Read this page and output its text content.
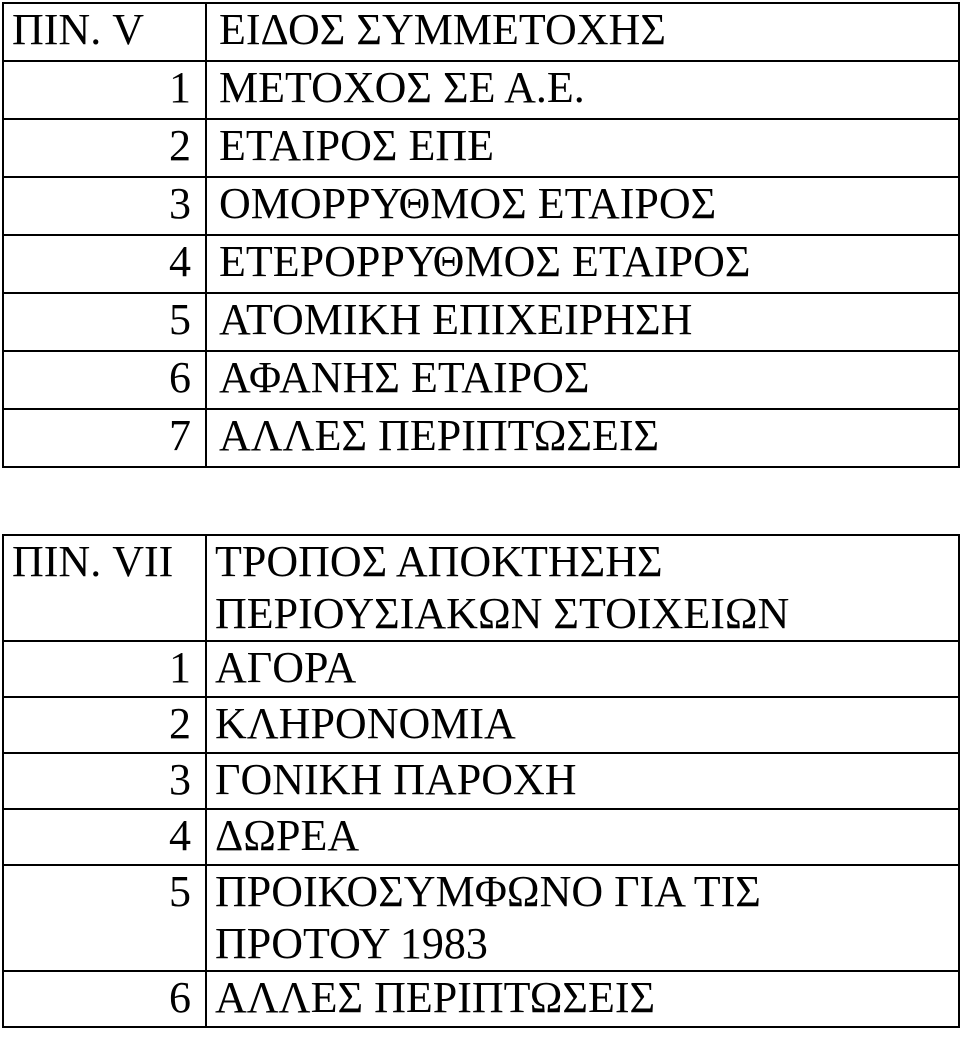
ΠΙΝ. V	ΕΙΔΟΣ ΣΥΜΜΕΤΟΧΗΣ
1	ΜΕΤΟΧΟΣ ΣΕ Α.Ε.
2	ΕΤΑΙΡΟΣ ΕΠΕ
3	ΟΜΟΡΡΥΘΜΟΣ ΕΤΑΙΡΟΣ
4	ΕΤΕΡΟΡΡΥΘΜΟΣ ΕΤΑΙΡΟΣ
5	ΑΤΟΜΙΚΗ ΕΠΙΧΕΙΡΗΣΗ
6	ΑΦΑΝΗΣ ΕΤΑΙΡΟΣ
7	ΑΛΛΕΣ ΠΕΡΙΠΤΩΣΕΙΣ
ΠΙΝ. VII	ΤΡΟΠΟΣ ΑΠΟΚΤΗΣΗΣ
ΠΕΡΙΟΥΣΙΑΚΩΝ ΣΤΟΙΧΕΙΩΝ

1	ΑΓΟΡΑ
2	ΚΛΗΡΟΝΟΜΙΑ
3	ΓΟΝΙΚΗ ΠΑΡΟΧΗ
4	ΔΩΡΕΑ
5	ΠΡΟΙΚΟΣΥΜΦΩΝΟ ΓΙΑ ΤΙΣ
ΠΡΟΤΟΥ 1983

6	ΑΛΛΕΣ ΠΕΡΙΠΤΩΣΕΙΣ
